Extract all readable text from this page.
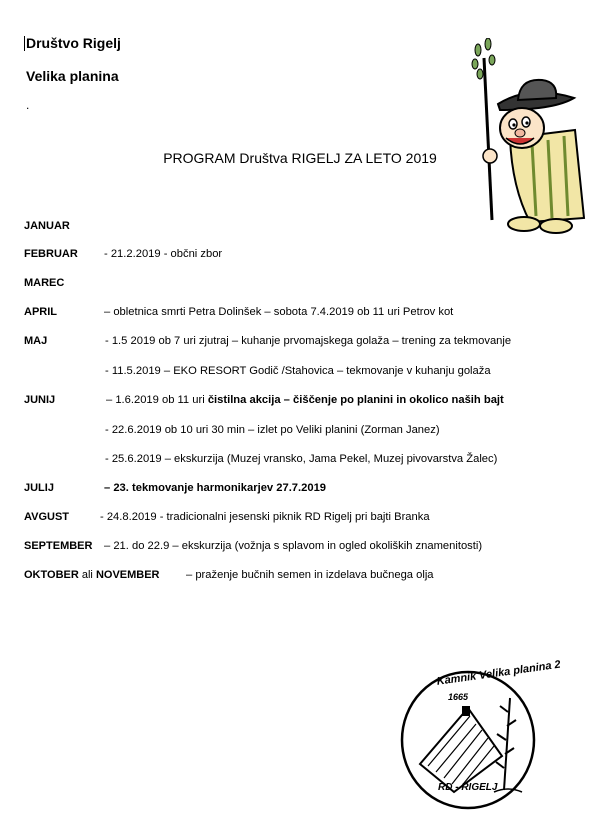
Društvo Rigelj
Velika planina
.
PROGRAM Društva RIGELJ ZA LETO 2019
JANUAR
FEBRUAR
MAREC
APRIL
MAJ
JUNIJ
JULIJ
AVGUST
SEPTEMBER
OKTOBER ali NOVEMBER
- 21.2.2019 - občni zbor
– obletnica smrti Petra Dolinšek – sobota 7.4.2019 ob 11 uri Petrov kot
- 1.5 2019 ob 7 uri zjutraj – kuhanje prvomajskega golaža – trening za tekmovanje
- 11.5.2019 – EKO RESORT Godič /Stahovica – tekmovanje v kuhanju golaža
– 1.6.2019 ob 11 uri čistilna akcija – čiščenje po planini in okolico naših bajt
- 22.6.2019 ob 10 uri 30 min – izlet po Veliki planini (Zorman Janez)
- 25.6.2019 – ekskurzija (Muzej vransko, Jama Pekel, Muzej pivovarstva Žalec)
– 23. tekmovanje harmonikarjev 27.7.2019
- 24.8.2019 - tradicionalni jesenski piknik RD Rigelj pri bajti Branka
– 21. do 22.9 – ekskurzija (vožnja s splavom in ogled okoliških znamenitosti)
– praženje bučnih semen in izdelava bučnega olja
Kamnik Velika planina 2
1665
RD - RIGELJ
